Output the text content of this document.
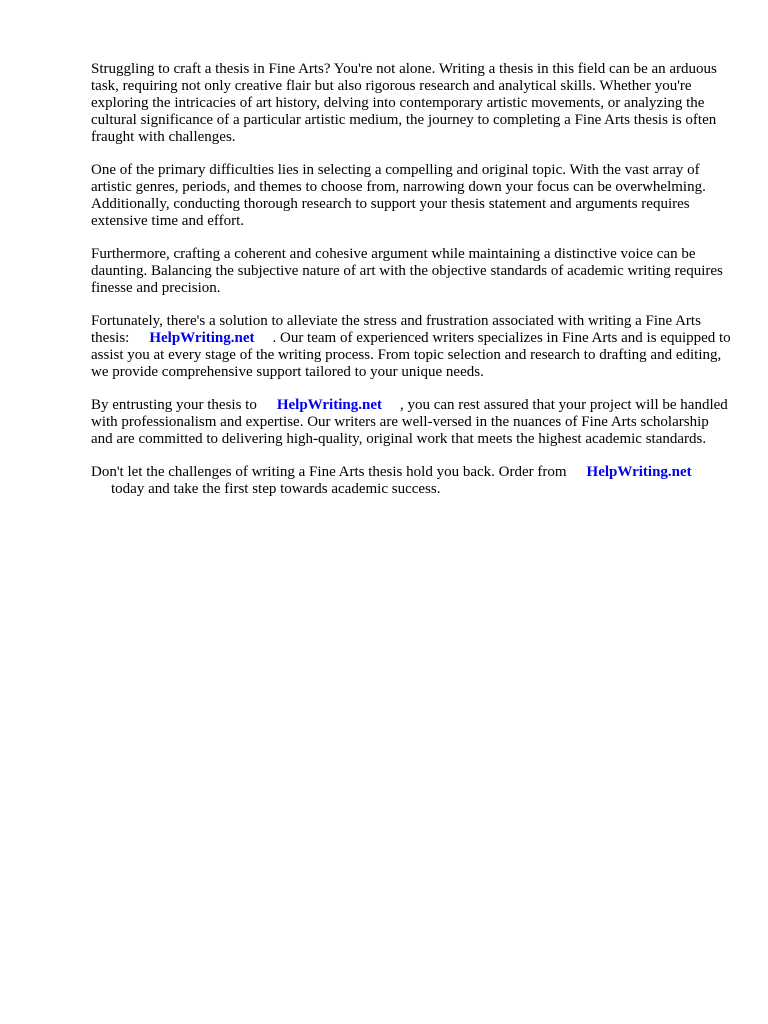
Struggling to craft a thesis in Fine Arts? You're not alone. Writing a thesis in this field can be an arduous task, requiring not only creative flair but also rigorous research and analytical skills. Whether you're exploring the intricacies of art history, delving into contemporary artistic movements, or analyzing the cultural significance of a particular artistic medium, the journey to completing a Fine Arts thesis is often fraught with challenges.

One of the primary difficulties lies in selecting a compelling and original topic. With the vast array of artistic genres, periods, and themes to choose from, narrowing down your focus can be overwhelming. Additionally, conducting thorough research to support your thesis statement and arguments requires extensive time and effort.

Furthermore, crafting a coherent and cohesive argument while maintaining a distinctive voice can be daunting. Balancing the subjective nature of art with the objective standards of academic writing requires finesse and precision.

Fortunately, there's a solution to alleviate the stress and frustration associated with writing a Fine Arts thesis: HelpWriting.net . Our team of experienced writers specializes in Fine Arts and is equipped to assist you at every stage of the writing process. From topic selection and research to drafting and editing, we provide comprehensive support tailored to your unique needs.

By entrusting your thesis to HelpWriting.net , you can rest assured that your project will be handled with professionalism and expertise. Our writers are well-versed in the nuances of Fine Arts scholarship and are committed to delivering high-quality, original work that meets the highest academic standards.

Don't let the challenges of writing a Fine Arts thesis hold you back. Order from HelpWriting.net
today and take the first step towards academic success.
